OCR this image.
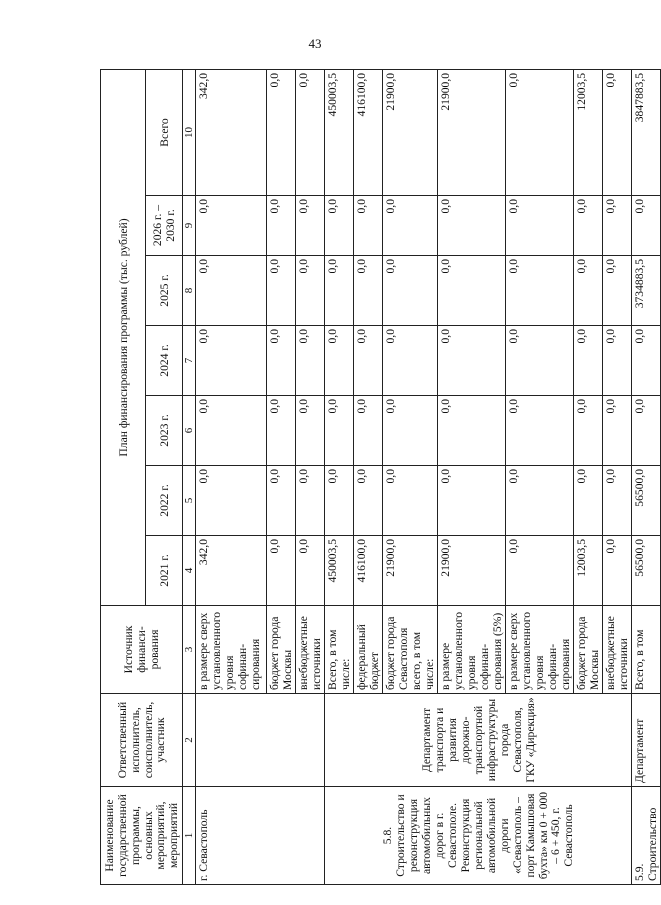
43
Наименование государственной программы, основных мероприятий, мероприятий	Ответственный исполнитель, соисполнитель, участник	Источник финанси-рования	План финансирования программы (тыс. рублей)						
			2021 г.	2022 г.	2023 г.	2024 г.	2025 г.	2026 г. – 2030 г.	Всего
1	2	3	4	5	6	7	8	9	10
г. Севастополь		в размере сверх установленного уровня софинан-сирования	342,0	0,0	0,0	0,0	0,0	0,0	342,0
		бюджет города Москвы	0,0	0,0	0,0	0,0	0,0	0,0	0,0
		внебюджетные источники	0,0	0,0	0,0	0,0	0,0	0,0	0,0
5.8. Строительство и реконструкция автомобильных дорог в г. Севастополе. Реконструкция региональной автомобильной дороги «Севастополь – порт Камышовая бухта» км 0 + 000 – 6 + 450, г. Севастополь	Департамент транспорта и развития дорожно-транспортной инфраструктуры города Севастополя, ГКУ «Дирекция»	Всего, в том числе:	450003,5	0,0	0,0	0,0	0,0	0,0	450003,5
		федеральный бюджет	416100,0	0,0	0,0	0,0	0,0	0,0	416100,0
		бюджет города Севастополя всего, в том числе:	21900,0	0,0	0,0	0,0	0,0	0,0	21900,0
		в размере установленного уровня софинан-сирования (5%)	21900,0	0,0	0,0	0,0	0,0	0,0	21900,0
		в размере сверх установленного уровня софинан-сирования	0,0	0,0	0,0	0,0	0,0	0,0	0,0
		бюджет города Москвы	12003,5	0,0	0,0	0,0	0,0	0,0	12003,5
		внебюджетные источники	0,0	0,0	0,0	0,0	0,0	0,0	0,0
5.9. Строительство	Департамент	Всего, в том	56500,0	56500,0	0,0	0,0	3734883,5	0,0	3847883,5
